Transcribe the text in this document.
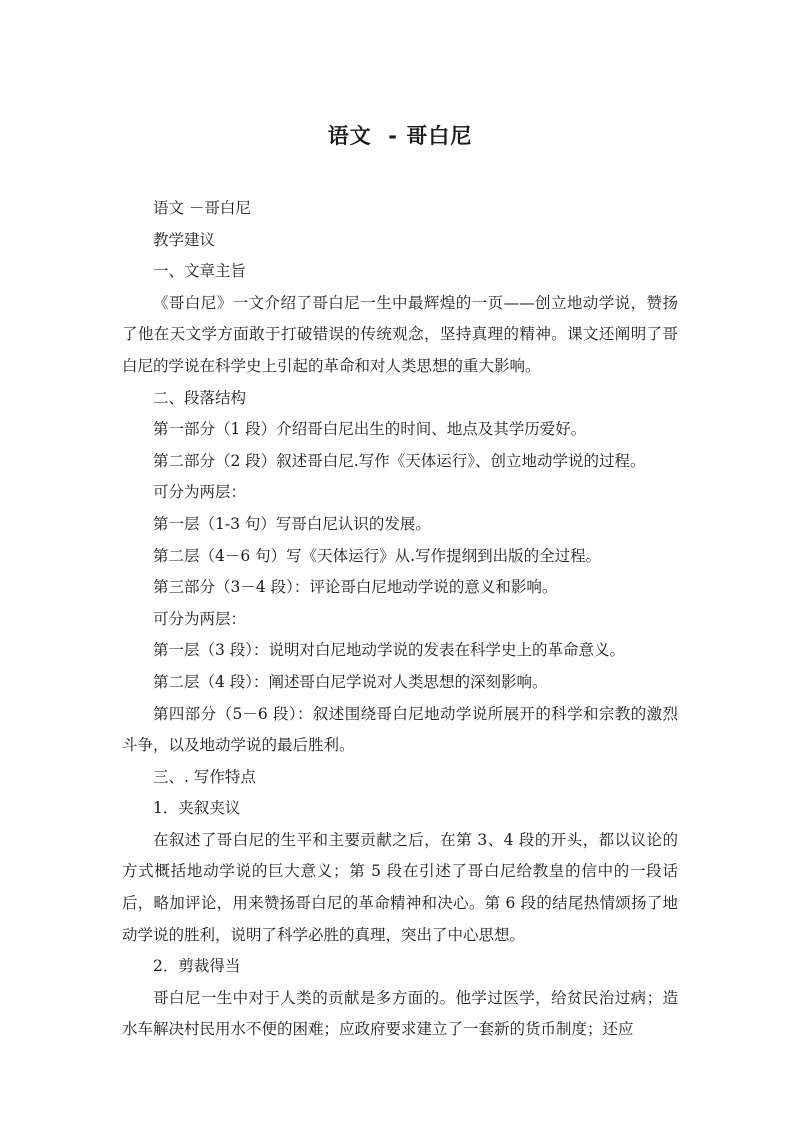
语文  - 哥白尼

语文 －哥白尼

教学建议

一、文章主旨

《哥白尼》一文介绍了哥白尼一生中最辉煌的一页——创立地动学说，赞扬了他在天文学方面敢于打破错误的传统观念，坚持真理的精神。课文还阐明了哥白尼的学说在科学史上引起的革命和对人类思想的重大影响。

二、段落结构

第一部分（1 段）介绍哥白尼出生的时间、地点及其学历爱好。

第二部分（2 段）叙述哥白尼.写作《天体运行》、创立地动学说的过程。

可分为两层：

第一层（1-3 句）写哥白尼认识的发展。

第二层（4－6 句）写《天体运行》从.写作提纲到出版的全过程。

第三部分（3－4 段）：评论哥白尼地动学说的意义和影响。

可分为两层：

第一层（3 段）：说明对白尼地动学说的发表在科学史上的革命意义。

第二层（4 段）：阐述哥白尼学说对人类思想的深刻影响。

第四部分（5－6 段）：叙述围绕哥白尼地动学说所展开的科学和宗教的激烈斗争，以及地动学说的最后胜利。

三、. 写作特点

1．夹叙夹议

在叙述了哥白尼的生平和主要贡献之后，在第 3、4 段的开头，都以议论的方式概括地动学说的巨大意义；第 5 段在引述了哥白尼给教皇的信中的一段话后，略加评论，用来赞扬哥白尼的革命精神和决心。第 6 段的结尾热情颂扬了地动学说的胜利，说明了科学必胜的真理，突出了中心思想。

2．剪裁得当

哥白尼一生中对于人类的贡献是多方面的。他学过医学，给贫民治过病；造水车解决村民用水不便的困难；应政府要求建立了一套新的货币制度；还应
